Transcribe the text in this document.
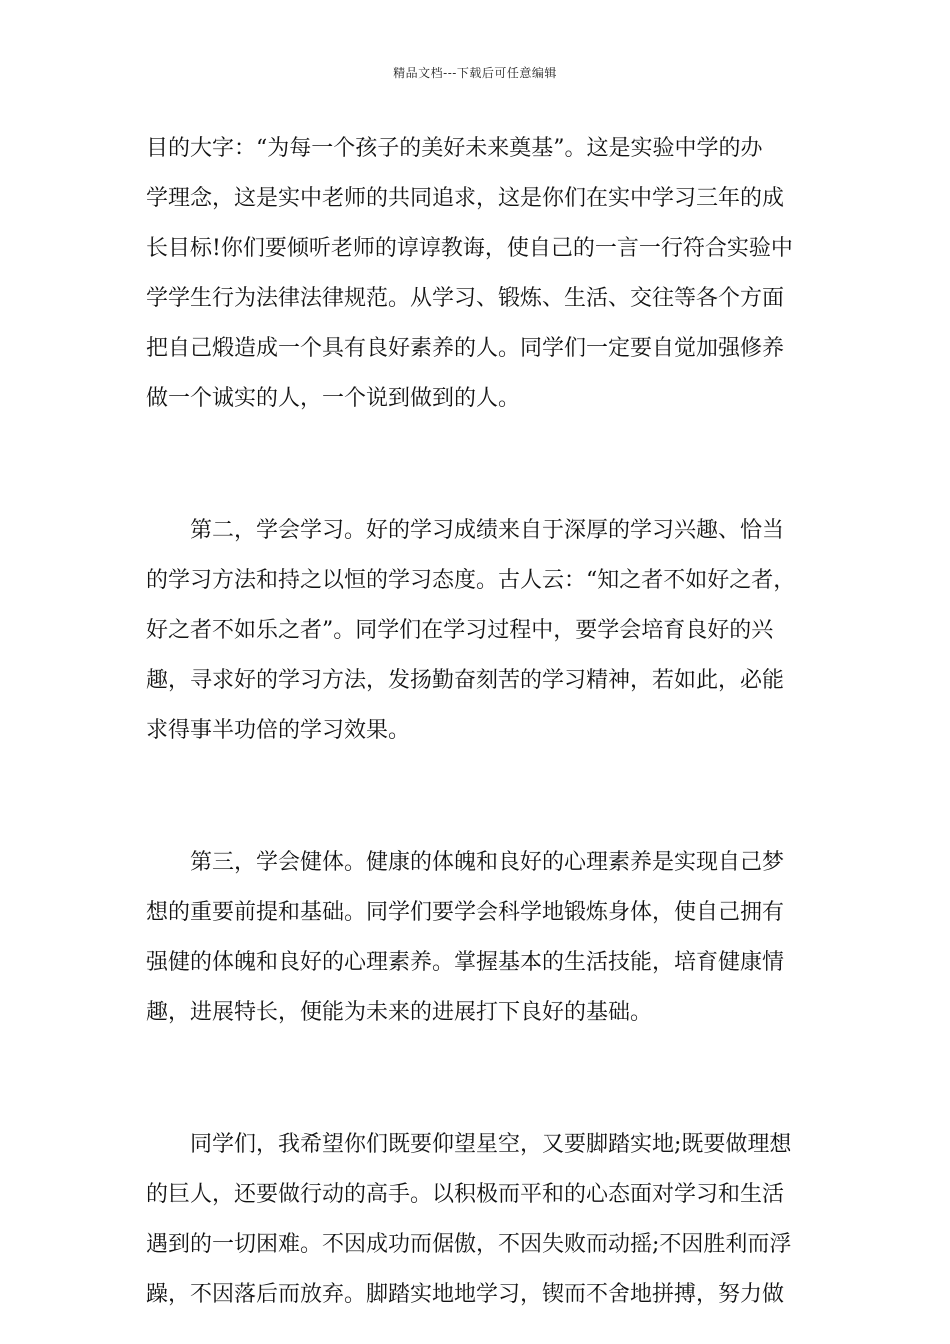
精品文档---下载后可任意编辑
目的大字：“为每一个孩子的美好未来奠基”。这是实验中学的办
学理念，这是实中老师的共同追求，这是你们在实中学习三年的成
长目标!你们要倾听老师的谆谆教诲，使自己的一言一行符合实验中
学学生行为法律法律规范。从学习、锻炼、生活、交往等各个方面
把自己煅造成一个具有良好素养的人。同学们一定要自觉加强修养
做一个诚实的人，一个说到做到的人。
第二，学会学习。好的学习成绩来自于深厚的学习兴趣、恰当
的学习方法和持之以恒的学习态度。古人云：“知之者不如好之者，
好之者不如乐之者”。同学们在学习过程中，要学会培育良好的兴
趣，寻求好的学习方法，发扬勤奋刻苦的学习精神，若如此，必能
求得事半功倍的学习效果。
第三，学会健体。健康的体魄和良好的心理素养是实现自己梦
想的重要前提和基础。同学们要学会科学地锻炼身体，使自己拥有
强健的体魄和良好的心理素养。掌握基本的生活技能，培育健康情
趣，进展特长，便能为未来的进展打下良好的基础。
同学们，我希望你们既要仰望星空，又要脚踏实地;既要做理想
的巨人，还要做行动的高手。以积极而平和的心态面对学习和生活
遇到的一切困难。不因成功而倨傲，不因失败而动摇;不因胜利而浮
躁，不因落后而放弃。脚踏实地地学习，锲而不舍地拼搏，努力做
